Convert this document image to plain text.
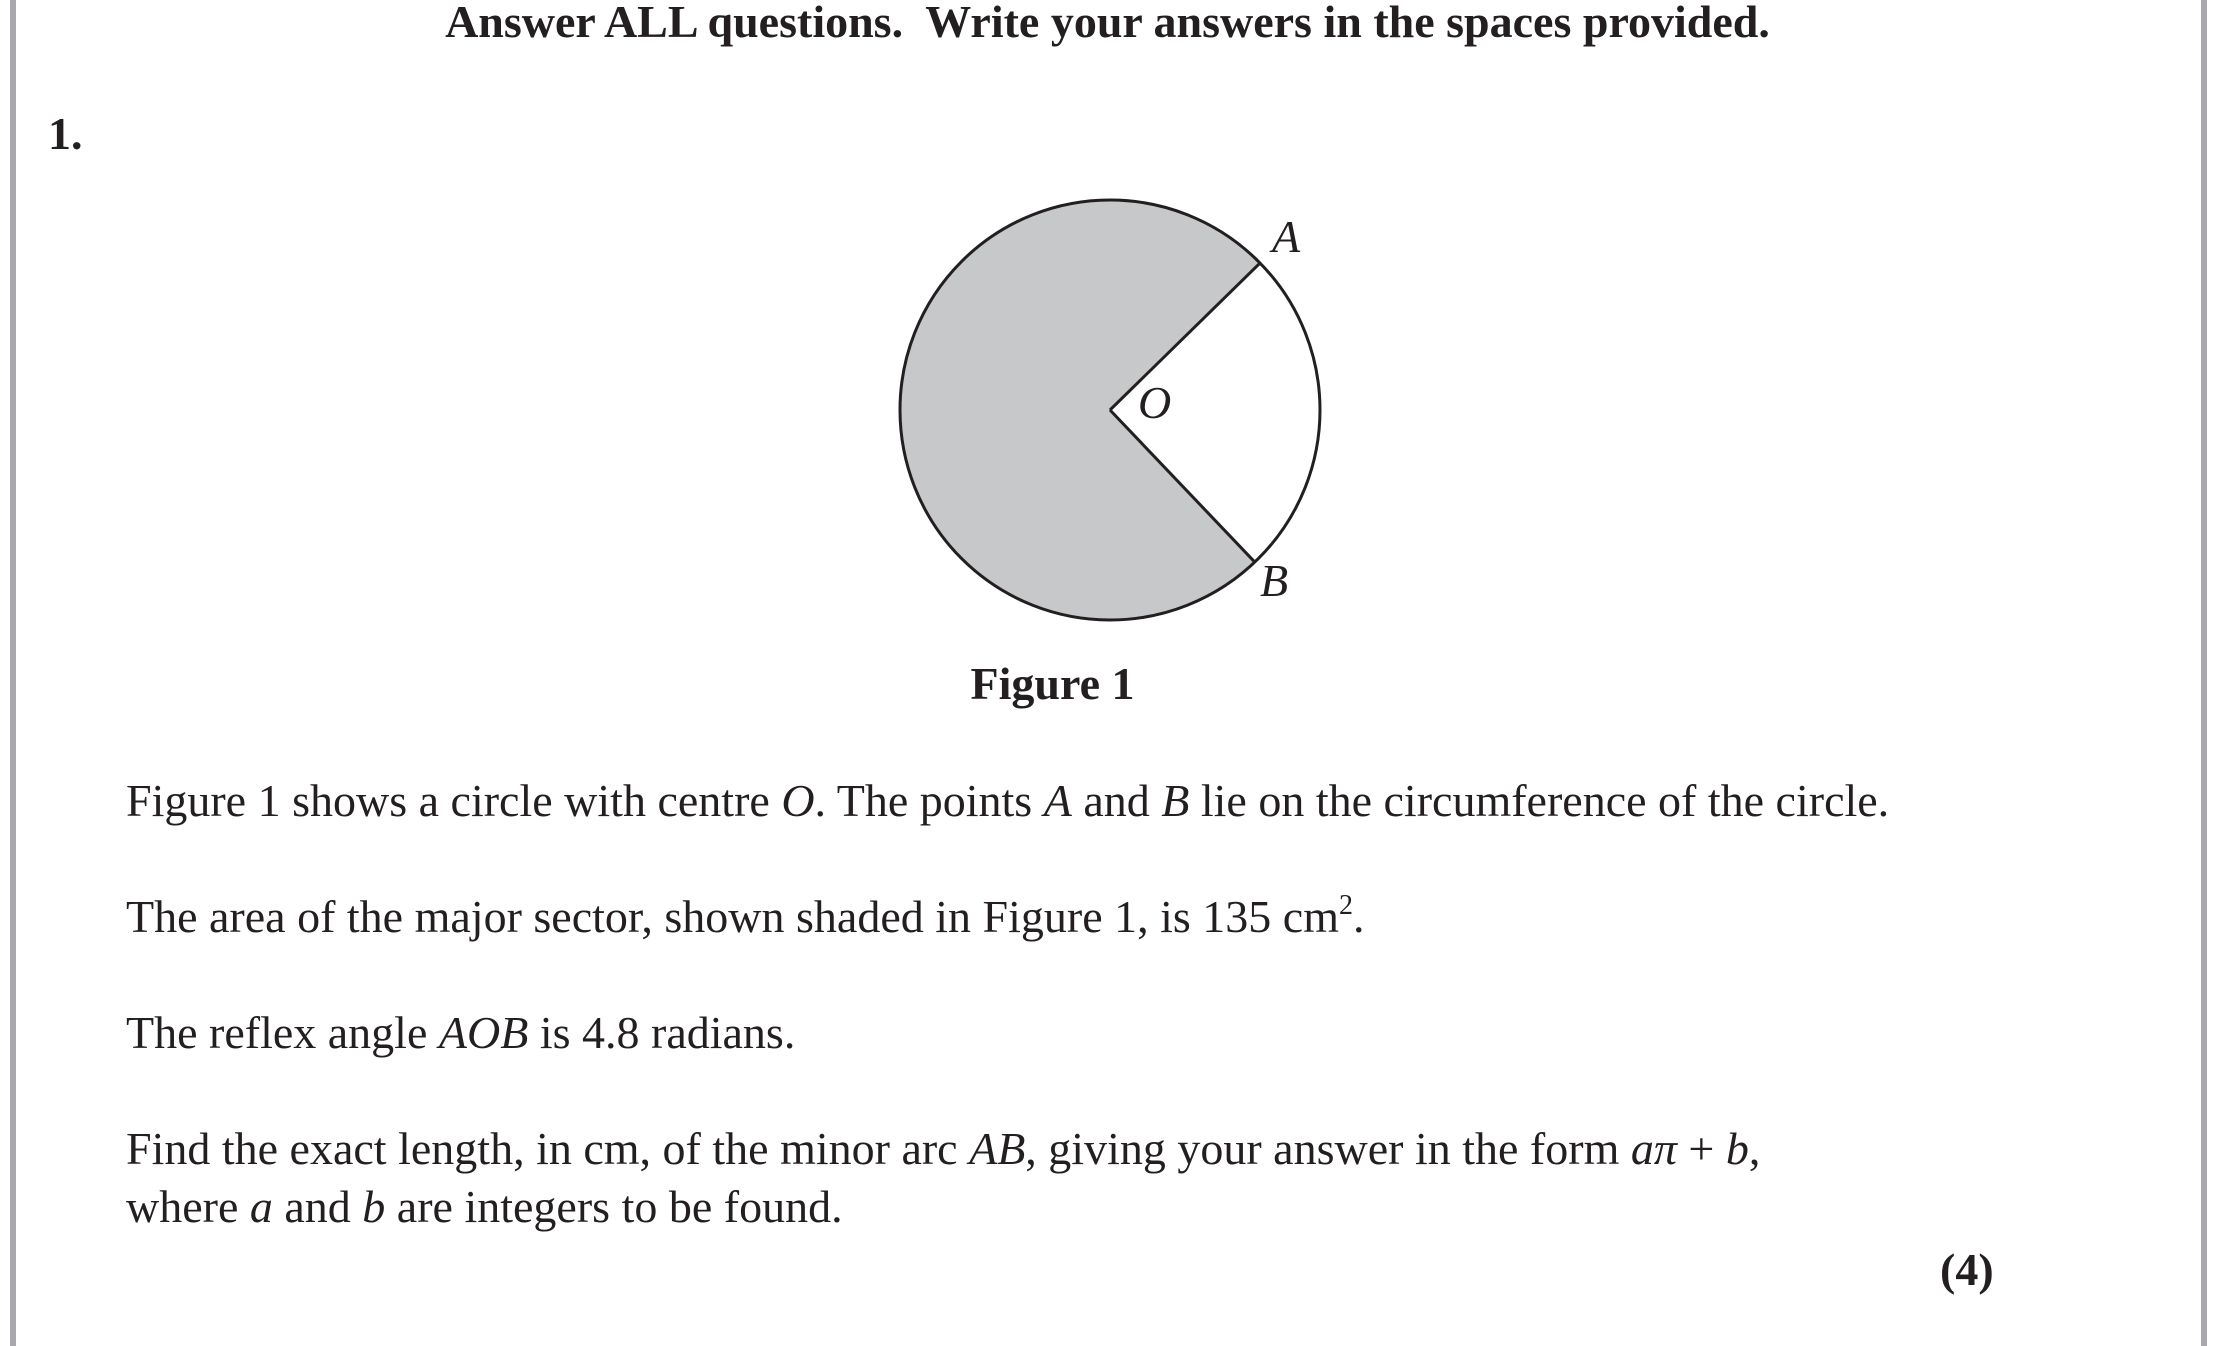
Answer ALL questions.  Write your answers in the spaces provided.
1.
A
B
O
Figure 1
Figure 1 shows a circle with centre O. The points A and B lie on the circumference of the circle.
The area of the major sector, shown shaded in Figure 1, is 135 $cm^2$.
The reflex angle AOB is 4.8 radians.
Find the exact length, in cm, of the minor arc AB, giving your answer in the form aπ + b,
where a and b are integers to be found.
(4)
